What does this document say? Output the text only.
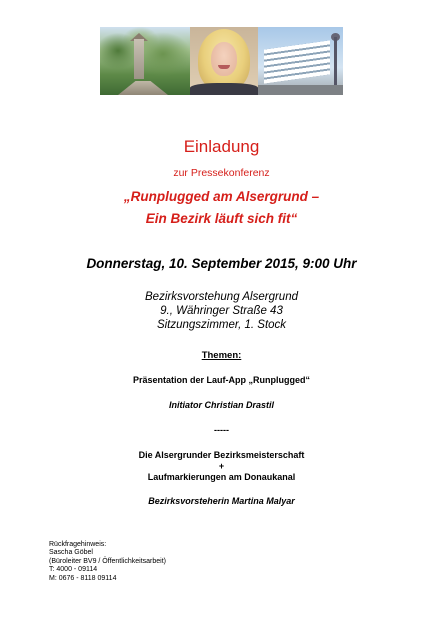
Einladung

zur Pressekonferenz

„Runplugged am Alsergrund –
Ein Bezirk läuft sich fit“

Donnerstag, 10. September 2015, 9:00 Uhr

Bezirksvorstehung Alsergrund
9., Währinger Straße 43
Sitzungszimmer, 1. Stock

Themen:

Präsentation der Lauf-App „Runplugged“

Initiator Christian Drastil

-----

Die Alsergrunder Bezirksmeisterschaft

+

Laufmarkierungen am Donaukanal

Bezirksvorsteherin Martina Malyar

Rückfragehinweis:
Sascha Göbel
(Büroleiter BV9 / Öffentlichkeitsarbeit)
T: 4000 - 09114
M: 0676 - 8118 09114
